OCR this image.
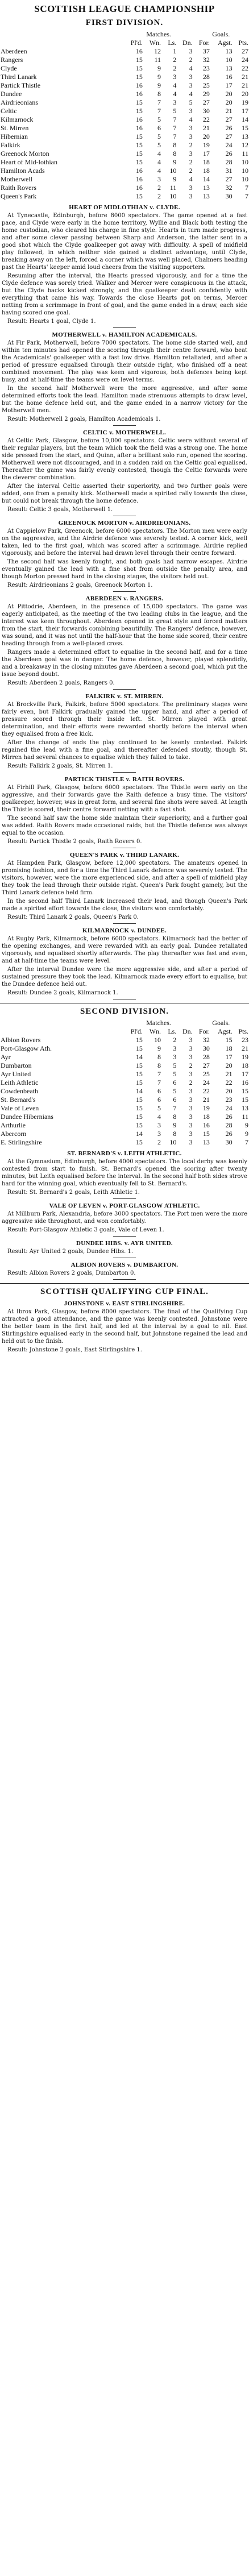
SCOTTISH LEAGUE CHAMPIONSHIP
FIRST DIVISION.
	Matches.				Goals.		
	Pl'd.	Wn.	Ls.	Dn.	For.	Agst.	Pts.
Aberdeen	16	12	1	3	37	13	27
Rangers	15	11	2	2	32	10	24
Clyde	15	9	2	4	23	13	22
Third Lanark	15	9	3	3	28	16	21
Partick Thistle	16	9	4	3	25	17	21
Dundee	16	8	4	4	29	20	20
Airdrieonians	15	7	3	5	27	20	19
Celtic	15	7	5	3	30	21	17
Kilmarnock	16	5	7	4	22	27	14
St. Mirren	16	6	7	3	21	26	15
Hibernian	15	5	7	3	20	27	13
Falkirk	15	5	8	2	19	24	12
Greenock Morton	15	4	8	3	17	26	11
Heart of Mid-lothian	15	4	9	2	18	28	10
Hamilton Acads	16	4	10	2	18	31	10
Motherwell	16	3	9	4	14	27	10
Raith Rovers	16	2	11	3	13	32	7
Queen's Park	15	2	10	3	13	30	7
HEART OF MIDLOTHIAN v. CLYDE.
At Tynecastle, Edinburgh, before 8000 spectators. The game opened at a fast pace, and Clyde were early in the home territory, Wyllie and Black both testing the home custodian, who cleared his charge in fine style. Hearts in turn made progress, and after some clever passing between Sharp and Anderson, the latter sent in a good shot which the Clyde goalkeeper got away with difficulty. A spell of midfield play followed, in which neither side gained a distinct advantage, until Clyde, breaking away on the left, forced a corner which was well placed, Chalmers heading past the Hearts' keeper amid loud cheers from the visiting supporters.
Resuming after the interval, the Hearts pressed vigorously, and for a time the Clyde defence was sorely tried. Walker and Mercer were conspicuous in the attack, but the Clyde backs kicked strongly, and the goalkeeper dealt confidently with everything that came his way. Towards the close Hearts got on terms, Mercer netting from a scrimmage in front of goal, and the game ended in a draw, each side having scored one goal.
Result: Hearts 1 goal, Clyde 1.
MOTHERWELL v. HAMILTON ACADEMICALS.
At Fir Park, Motherwell, before 7000 spectators. The home side started well, and within ten minutes had opened the scoring through their centre forward, who beat the Academicals' goalkeeper with a fast low drive. Hamilton retaliated, and after a period of pressure equalised through their outside right, who finished off a neat combined movement. The play was keen and vigorous, both defences being kept busy, and at half-time the teams were on level terms.
In the second half Motherwell were the more aggressive, and after some determined efforts took the lead. Hamilton made strenuous attempts to draw level, but the home defence held out, and the game ended in a narrow victory for the Motherwell men.
Result: Motherwell 2 goals, Hamilton Academicals 1.
CELTIC v. MOTHERWELL.
At Celtic Park, Glasgow, before 10,000 spectators. Celtic were without several of their regular players, but the team which took the field was a strong one. The home side pressed from the start, and Quinn, after a brilliant solo run, opened the scoring. Motherwell were not discouraged, and in a sudden raid on the Celtic goal equalised. Thereafter the game was fairly evenly contested, though the Celtic forwards were the cleverer combination.
After the interval Celtic asserted their superiority, and two further goals were added, one from a penalty kick. Motherwell made a spirited rally towards the close, but could not break through the home defence.
Result: Celtic 3 goals, Motherwell 1.
GREENOCK MORTON v. AIRDRIEONIANS.
At Cappielow Park, Greenock, before 6000 spectators. The Morton men were early on the aggressive, and the Airdrie defence was severely tested. A corner kick, well taken, led to the first goal, which was scored after a scrimmage. Airdrie replied vigorously, and before the interval had drawn level through their centre forward.
The second half was keenly fought, and both goals had narrow escapes. Airdrie eventually gained the lead with a fine shot from outside the penalty area, and though Morton pressed hard in the closing stages, the visitors held out.
Result: Airdrieonians 2 goals, Greenock Morton 1.
ABERDEEN v. RANGERS.
At Pittodrie, Aberdeen, in the presence of 15,000 spectators. The game was eagerly anticipated, as the meeting of the two leading clubs in the league, and the interest was keen throughout. Aberdeen opened in great style and forced matters from the start, their forwards combining beautifully. The Rangers' defence, however, was sound, and it was not until the half-hour that the home side scored, their centre heading through from a well-placed cross.
Rangers made a determined effort to equalise in the second half, and for a time the Aberdeen goal was in danger. The home defence, however, played splendidly, and a breakaway in the closing minutes gave Aberdeen a second goal, which put the issue beyond doubt.
Result: Aberdeen 2 goals, Rangers 0.
FALKIRK v. ST. MIRREN.
At Brockville Park, Falkirk, before 5000 spectators. The preliminary stages were fairly even, but Falkirk gradually gained the upper hand, and after a period of pressure scored through their inside left. St. Mirren played with great determination, and their efforts were rewarded shortly before the interval when they equalised from a free kick.
After the change of ends the play continued to be keenly contested. Falkirk regained the lead with a fine goal, and thereafter defended stoutly, though St. Mirren had several chances to equalise which they failed to take.
Result: Falkirk 2 goals, St. Mirren 1.
PARTICK THISTLE v. RAITH ROVERS.
At Firhill Park, Glasgow, before 6000 spectators. The Thistle were early on the aggressive, and their forwards gave the Raith defence a busy time. The visitors' goalkeeper, however, was in great form, and several fine shots were saved. At length the Thistle scored, their centre forward netting with a fast shot.
The second half saw the home side maintain their superiority, and a further goal was added. Raith Rovers made occasional raids, but the Thistle defence was always equal to the occasion.
Result: Partick Thistle 2 goals, Raith Rovers 0.
QUEEN'S PARK v. THIRD LANARK.
At Hampden Park, Glasgow, before 12,000 spectators. The amateurs opened in promising fashion, and for a time the Third Lanark defence was severely tested. The visitors, however, were the more experienced side, and after a spell of midfield play they took the lead through their outside right. Queen's Park fought gamely, but the Third Lanark defence held firm.
In the second half Third Lanark increased their lead, and though Queen's Park made a spirited effort towards the close, the visitors won comfortably.
Result: Third Lanark 2 goals, Queen's Park 0.
KILMARNOCK v. DUNDEE.
At Rugby Park, Kilmarnock, before 6000 spectators. Kilmarnock had the better of the opening exchanges, and were rewarded with an early goal. Dundee retaliated vigorously, and equalised shortly afterwards. The play thereafter was fast and even, and at half-time the teams were level.
After the interval Dundee were the more aggressive side, and after a period of sustained pressure they took the lead. Kilmarnock made every effort to equalise, but the Dundee defence held out.
Result: Dundee 2 goals, Kilmarnock 1.
SECOND DIVISION.
	Matches.				Goals.		
	Pl'd.	Wn.	Ls.	Dn.	For.	Agst.	Pts.
Albion Rovers	15	10	2	3	32	15	23
Port-Glasgow Ath.	15	9	3	3	30	18	21
Ayr	14	8	3	3	28	17	19
Dumbarton	15	8	5	2	27	20	18
Ayr United	15	7	5	3	25	21	17
Leith Athletic	15	7	6	2	24	22	16
Cowdenbeath	14	6	5	3	22	20	15
St. Bernard's	15	6	6	3	21	23	15
Vale of Leven	15	5	7	3	19	24	13
Dundee Hibernians	15	4	8	3	18	26	11
Arthurlie	15	3	9	3	16	28	9
Abercorn	14	3	8	3	15	26	9
E. Stirlingshire	15	2	10	3	13	30	7
ST. BERNARD'S v. LEITH ATHLETIC.
At the Gymnasium, Edinburgh, before 4000 spectators. The local derby was keenly contested from start to finish. St. Bernard's opened the scoring after twenty minutes, but Leith equalised before the interval. In the second half both sides strove hard for the winning goal, which eventually fell to St. Bernard's.
Result: St. Bernard's 2 goals, Leith Athletic 1.
VALE OF LEVEN v. PORT-GLASGOW ATHLETIC.
At Millburn Park, Alexandria, before 3000 spectators. The Port men were the more aggressive side throughout, and won comfortably.
Result: Port-Glasgow Athletic 3 goals, Vale of Leven 1.
DUNDEE HIBS. v. AYR UNITED.
Result: Ayr United 2 goals, Dundee Hibs. 1.
ALBION ROVERS v. DUMBARTON.
Result: Albion Rovers 2 goals, Dumbarton 0.
SCOTTISH QUALIFYING CUP FINAL.
JOHNSTONE v. EAST STIRLINGSHIRE.
At Ibrox Park, Glasgow, before 8000 spectators. The final of the Qualifying Cup attracted a good attendance, and the game was keenly contested. Johnstone were the better team in the first half, and led at the interval by a goal to nil. East Stirlingshire equalised early in the second half, but Johnstone regained the lead and held out to the finish.
Result: Johnstone 2 goals, East Stirlingshire 1.
